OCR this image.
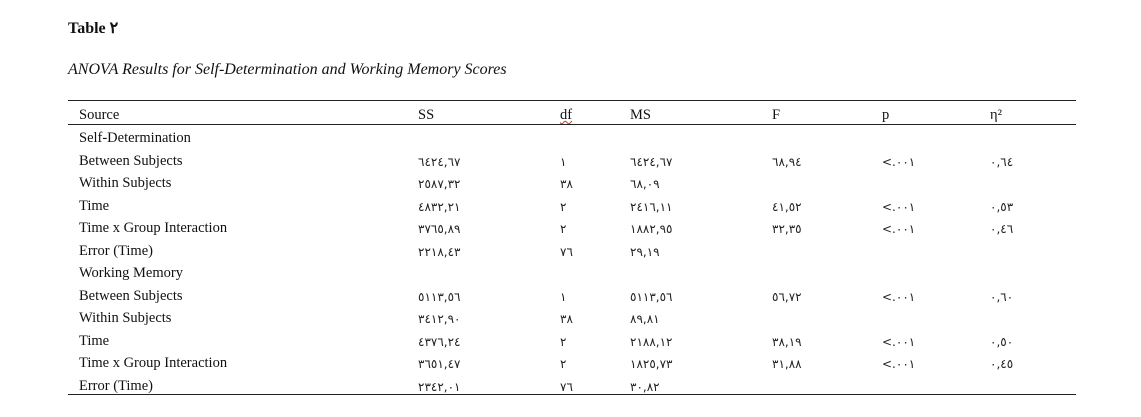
Table ٢
ANOVA Results for Self-Determination and Working Memory Scores
Source	SS	df	MS	F	p	η²
Self-Determination
Between Subjects	٦٤٢٤,٦٧	١	٦٤٢٤,٦٧	٦٨,٩٤	<.٠٠١	٠,٦٤
Within Subjects	٢٥٨٧,٣٢	٣٨	٦٨,٠٩
Time	٤٨٣٢,٢١	٢	٢٤١٦,١١	٤١,٥٢	<.٠٠١	٠,٥٣
Time x Group Interaction	٣٧٦٥,٨٩	٢	١٨٨٢,٩٥	٣٢,٣٥	<.٠٠١	٠,٤٦
Error (Time)	٢٢١٨,٤٣	٧٦	٢٩,١٩
Working Memory
Between Subjects	٥١١٣,٥٦	١	٥١١٣,٥٦	٥٦,٧٢	<.٠٠١	٠,٦٠
Within Subjects	٣٤١٢,٩٠	٣٨	٨٩,٨١
Time	٤٣٧٦,٢٤	٢	٢١٨٨,١٢	٣٨,١٩	<.٠٠١	٠,٥٠
Time x Group Interaction	٣٦٥١,٤٧	٢	١٨٢٥,٧٣	٣١,٨٨	<.٠٠١	٠,٤٥
Error (Time)	٢٣٤٢,٠١	٧٦	٣٠,٨٢
